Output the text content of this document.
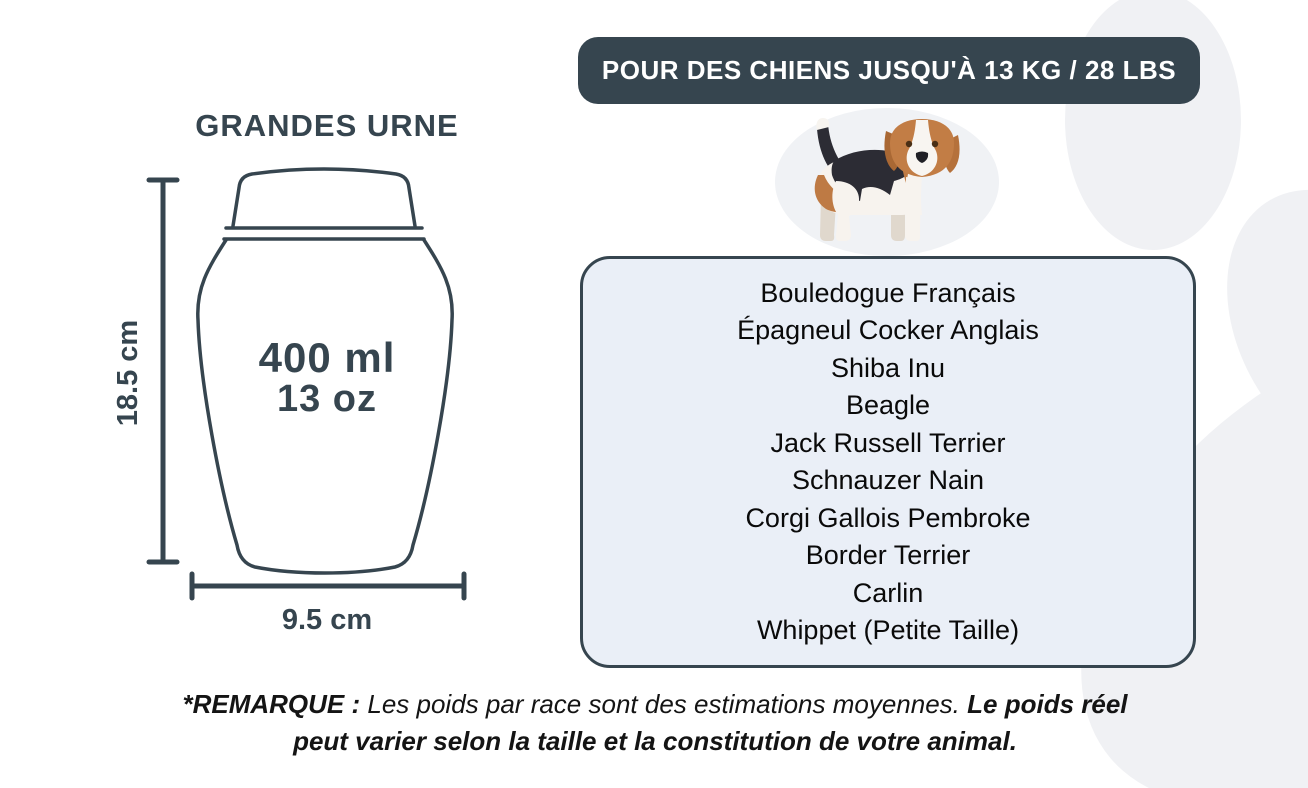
GRANDES URNE
18.5 cm	400 ml
13 oz
9.5 cm
POUR DES CHIENS JUSQU'À 13 KG / 28 LBS
Bouledogue Français
Épagneul Cocker Anglais
Shiba Inu
Beagle
Jack Russell Terrier
Schnauzer Nain
Corgi Gallois Pembroke
Border Terrier
Carlin
Whippet (Petite Taille)
*REMARQUE : Les poids par race sont des estimations moyennes. Le poids réel peut varier selon la taille et la constitution de votre animal.
